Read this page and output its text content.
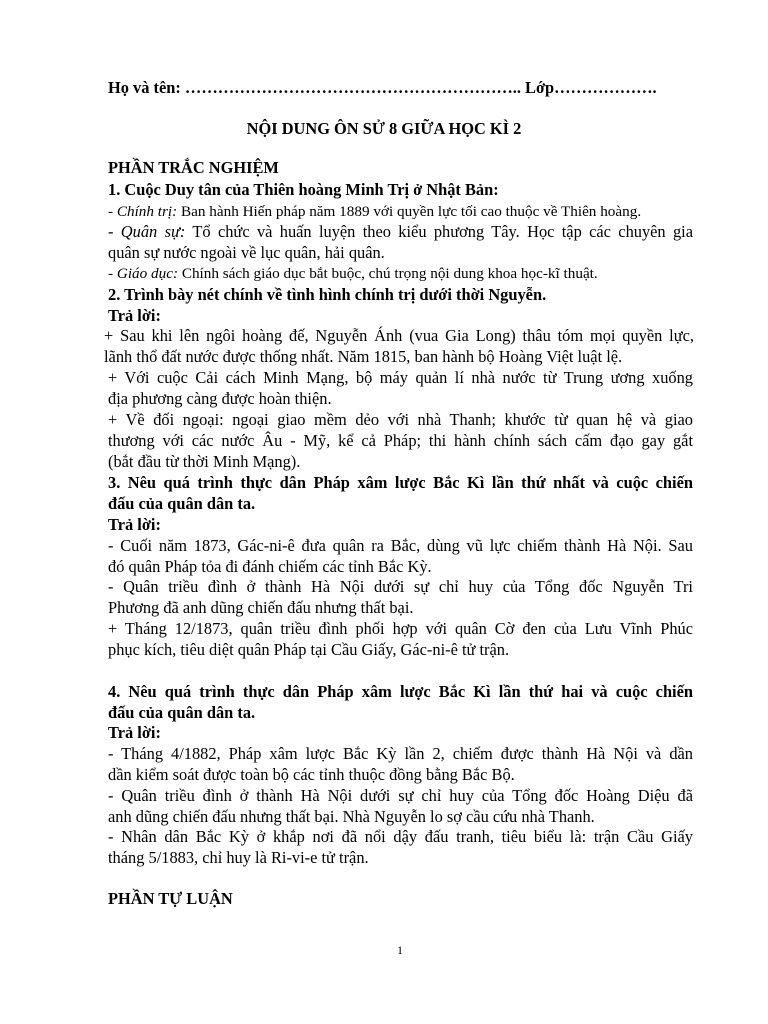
Họ và tên: …………………………………………………….. Lớp……………….
NỘI DUNG ÔN SỬ 8 GIỮA HỌC KÌ 2
PHẦN TRẮC NGHIỆM
1. Cuộc Duy tân của Thiên hoàng Minh Trị ở Nhật Bản:
- Chính trị: Ban hành Hiến pháp năm 1889 với quyền lực tối cao thuộc về Thiên hoàng.
- Quân sự: Tổ chức và huấn luyện theo kiểu phương Tây. Học tập các chuyên gia
quân sự nước ngoài về lục quân, hải quân.
- Giáo dục: Chính sách giáo dục bắt buộc, chú trọng nội dung khoa học-kĩ thuật.
2. Trình bày nét chính về tình hình chính trị dưới thời Nguyễn.
Trả lời:
+ Sau khi lên ngôi hoàng đế, Nguyễn Ánh (vua Gia Long) thâu tóm mọi quyền lực,
lãnh thổ đất nước được thống nhất. Năm 1815, ban hành bộ Hoàng Việt luật lệ.
+ Với cuộc Cải cách Minh Mạng, bộ máy quản lí nhà nước từ Trung ương xuống
địa phương càng được hoàn thiện.
+ Về đối ngoại: ngoại giao mềm dẻo với nhà Thanh; khước từ quan hệ và giao
thương với các nước Âu - Mỹ, kể cả Pháp; thi hành chính sách cấm đạo gay gắt
(bắt đầu từ thời Minh Mạng).
3. Nêu quá trình thực dân Pháp xâm lược Bắc Kì lần thứ nhất và cuộc chiến
đấu của quân dân ta.
Trả lời:
- Cuối năm 1873, Gác-ni-ê đưa quân ra Bắc, dùng vũ lực chiếm thành Hà Nội. Sau
đó quân Pháp tỏa đi đánh chiếm các tỉnh Bắc Kỳ.
- Quân triều đình ở thành Hà Nội dưới sự chỉ huy của Tổng đốc Nguyễn Tri
Phương đã anh dũng chiến đấu nhưng thất bại.
+ Tháng 12/1873, quân triều đình phối hợp với quân Cờ đen của Lưu Vĩnh Phúc
phục kích, tiêu diệt quân Pháp tại Cầu Giấy, Gác-ni-ê tử trận.
4. Nêu quá trình thực dân Pháp xâm lược Bắc Kì lần thứ hai và cuộc chiến
đấu của quân dân ta.
Trả lời:
- Tháng 4/1882, Pháp xâm lược Bắc Kỳ lần 2, chiếm được thành Hà Nội và dần
dần kiểm soát được toàn bộ các tỉnh thuộc đồng bằng Bắc Bộ.
- Quân triều đình ở thành Hà Nội dưới sự chỉ huy của Tổng đốc Hoàng Diệu đã
anh dũng chiến đấu nhưng thất bại. Nhà Nguyễn lo sợ cầu cứu nhà Thanh.
- Nhân dân Bắc Kỳ ở khắp nơi đã nổi dậy đấu tranh, tiêu biểu là: trận Cầu Giấy
tháng 5/1883, chỉ huy là Ri-vi-e tử trận.
PHẦN TỰ LUẬN
1
